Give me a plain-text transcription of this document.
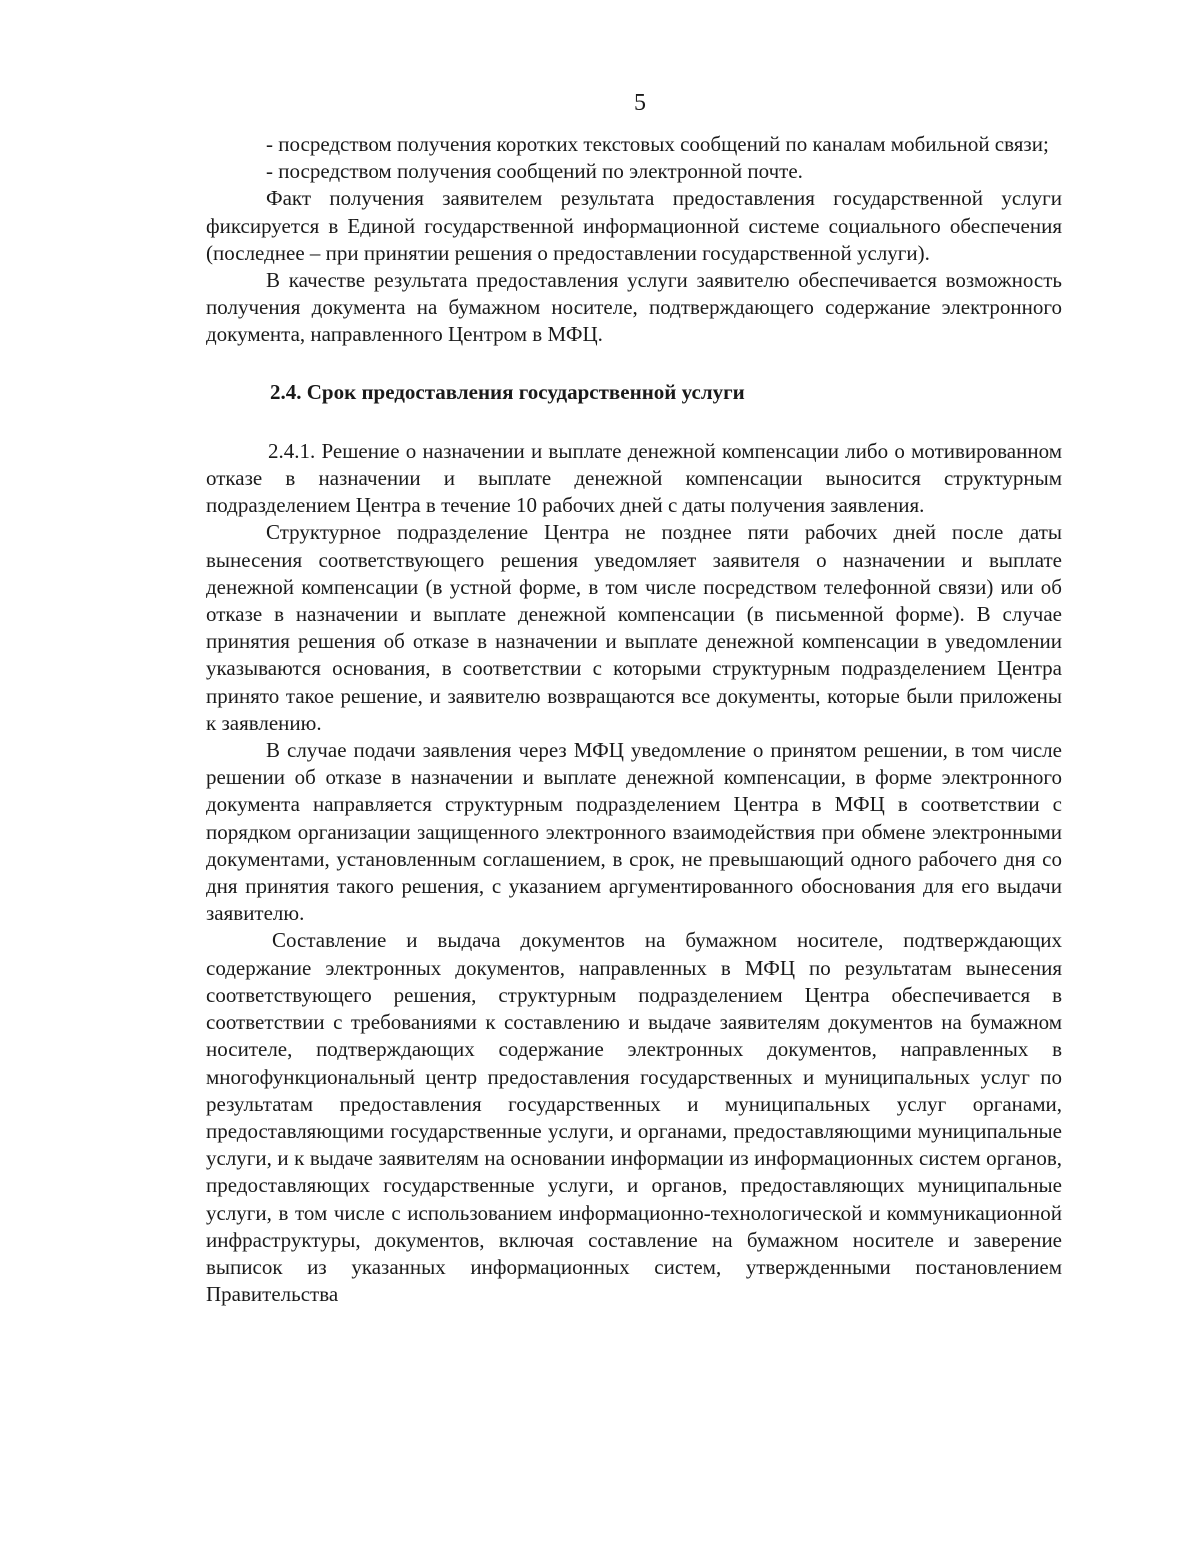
5

- посредством получения коротких текстовых сообщений по каналам мобильной связи;

- посредством получения сообщений по электронной почте.

Факт получения заявителем результата предоставления государственной услуги фиксируется в Единой государственной информационной системе социального обеспечения (последнее – при принятии решения о предоставлении государственной услуги).

В качестве результата предоставления услуги заявителю обеспечивается возможность получения документа на бумажном носителе, подтверждающего содержание электронного документа, направленного Центром в МФЦ.

2.4. Срок предоставления государственной услуги

2.4.1. Решение о назначении и выплате денежной компенсации либо о мотивированном отказе в назначении и выплате денежной компенсации выносится структурным подразделением Центра в течение 10 рабочих дней с даты получения заявления.

Структурное подразделение Центра не позднее пяти рабочих дней после даты вынесения соответствующего решения уведомляет заявителя о назначении и выплате денежной компенсации (в устной форме, в том числе посредством телефонной связи) или об отказе в назначении и выплате денежной компенсации (в письменной форме). В случае принятия решения об отказе в назначении и выплате денежной компенсации в уведомлении указываются основания, в соответствии с которыми структурным подразделением Центра принято такое решение, и заявителю возвращаются все документы, которые были приложены к заявлению.

В случае подачи заявления через МФЦ уведомление о принятом решении, в том числе решении об отказе в назначении и выплате денежной компенсации, в форме электронного документа направляется структурным подразделением Центра в МФЦ в соответствии с порядком организации защищенного электронного взаимодействия при обмене электронными документами, установленным соглашением, в срок, не превышающий одного рабочего дня со дня принятия такого решения, с указанием аргументированного обоснования для его выдачи заявителю.

Составление и выдача документов на бумажном носителе, подтверждающих содержание электронных документов, направленных в МФЦ по результатам вынесения соответствующего решения, структурным подразделением Центра обеспечивается в соответствии с требованиями к составлению и выдаче заявителям документов на бумажном носителе, подтверждающих содержание электронных документов, направленных в многофункциональный центр предоставления государственных и муниципальных услуг по результатам предоставления государственных и муниципальных услуг органами, предоставляющими государственные услуги, и органами, предоставляющими муниципальные услуги, и к выдаче заявителям на основании информации из информационных систем органов, предоставляющих государственные услуги, и органов, предоставляющих муниципальные услуги, в том числе с использованием информационно-технологической и коммуникационной инфраструктуры, документов, включая составление на бумажном носителе и заверение выписок из указанных информационных систем, утвержденными постановлением Правительства
